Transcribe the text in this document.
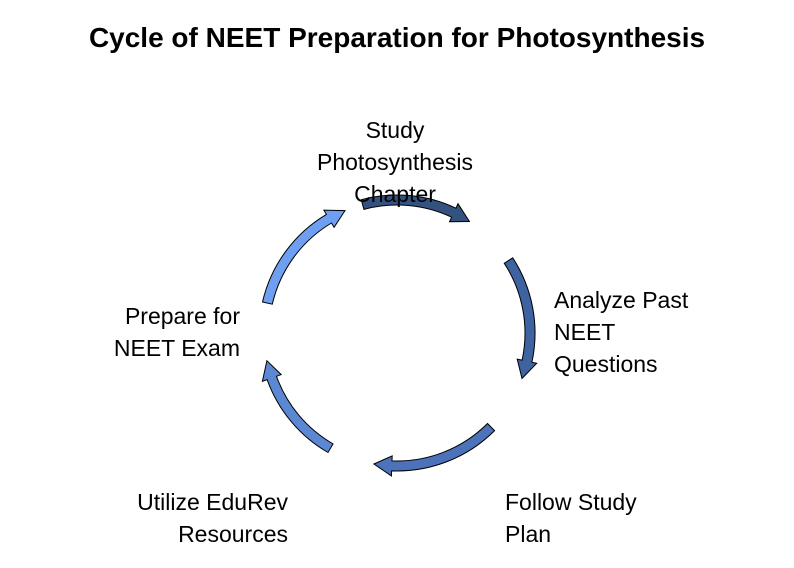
Cycle of NEET Preparation for Photosynthesis
Study
Photosynthesis
Chapter
Analyze Past
NEET
Questions
Follow Study
Plan
Utilize EduRev
Resources
Prepare for
NEET Exam
